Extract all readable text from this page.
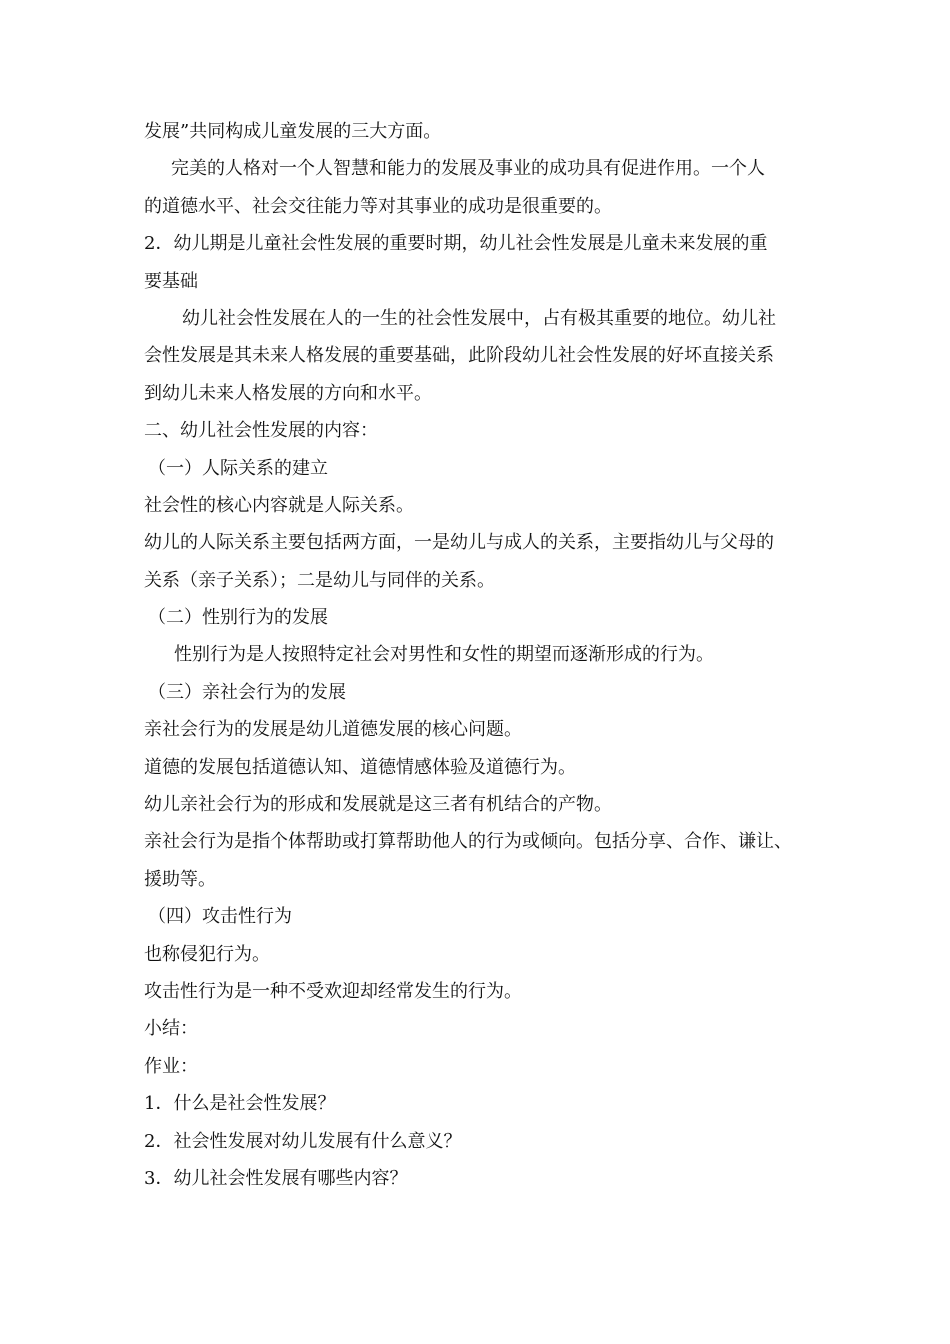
发展”共同构成儿童发展的三大方面。
完美的人格对一个人智慧和能力的发展及事业的成功具有促进作用。一个人
的道德水平、社会交往能力等对其事业的成功是很重要的。
2．幼儿期是儿童社会性发展的重要时期，幼儿社会性发展是儿童未来发展的重
要基础
幼儿社会性发展在人的一生的社会性发展中，占有极其重要的地位。幼儿社
会性发展是其未来人格发展的重要基础，此阶段幼儿社会性发展的好坏直接关系
到幼儿未来人格发展的方向和水平。
二、幼儿社会性发展的内容：
（一）人际关系的建立
社会性的核心内容就是人际关系。
幼儿的人际关系主要包括两方面，一是幼儿与成人的关系，主要指幼儿与父母的
关系（亲子关系）；二是幼儿与同伴的关系。
（二）性别行为的发展
性别行为是人按照特定社会对男性和女性的期望而逐渐形成的行为。
（三）亲社会行为的发展
亲社会行为的发展是幼儿道德发展的核心问题。
道德的发展包括道德认知、道德情感体验及道德行为。
幼儿亲社会行为的形成和发展就是这三者有机结合的产物。
亲社会行为是指个体帮助或打算帮助他人的行为或倾向。包括分享、合作、谦让、
援助等。
（四）攻击性行为
也称侵犯行为。
攻击性行为是一种不受欢迎却经常发生的行为。
小结：
作业：
1．什么是社会性发展？
2．社会性发展对幼儿发展有什么意义？
3．幼儿社会性发展有哪些内容？
